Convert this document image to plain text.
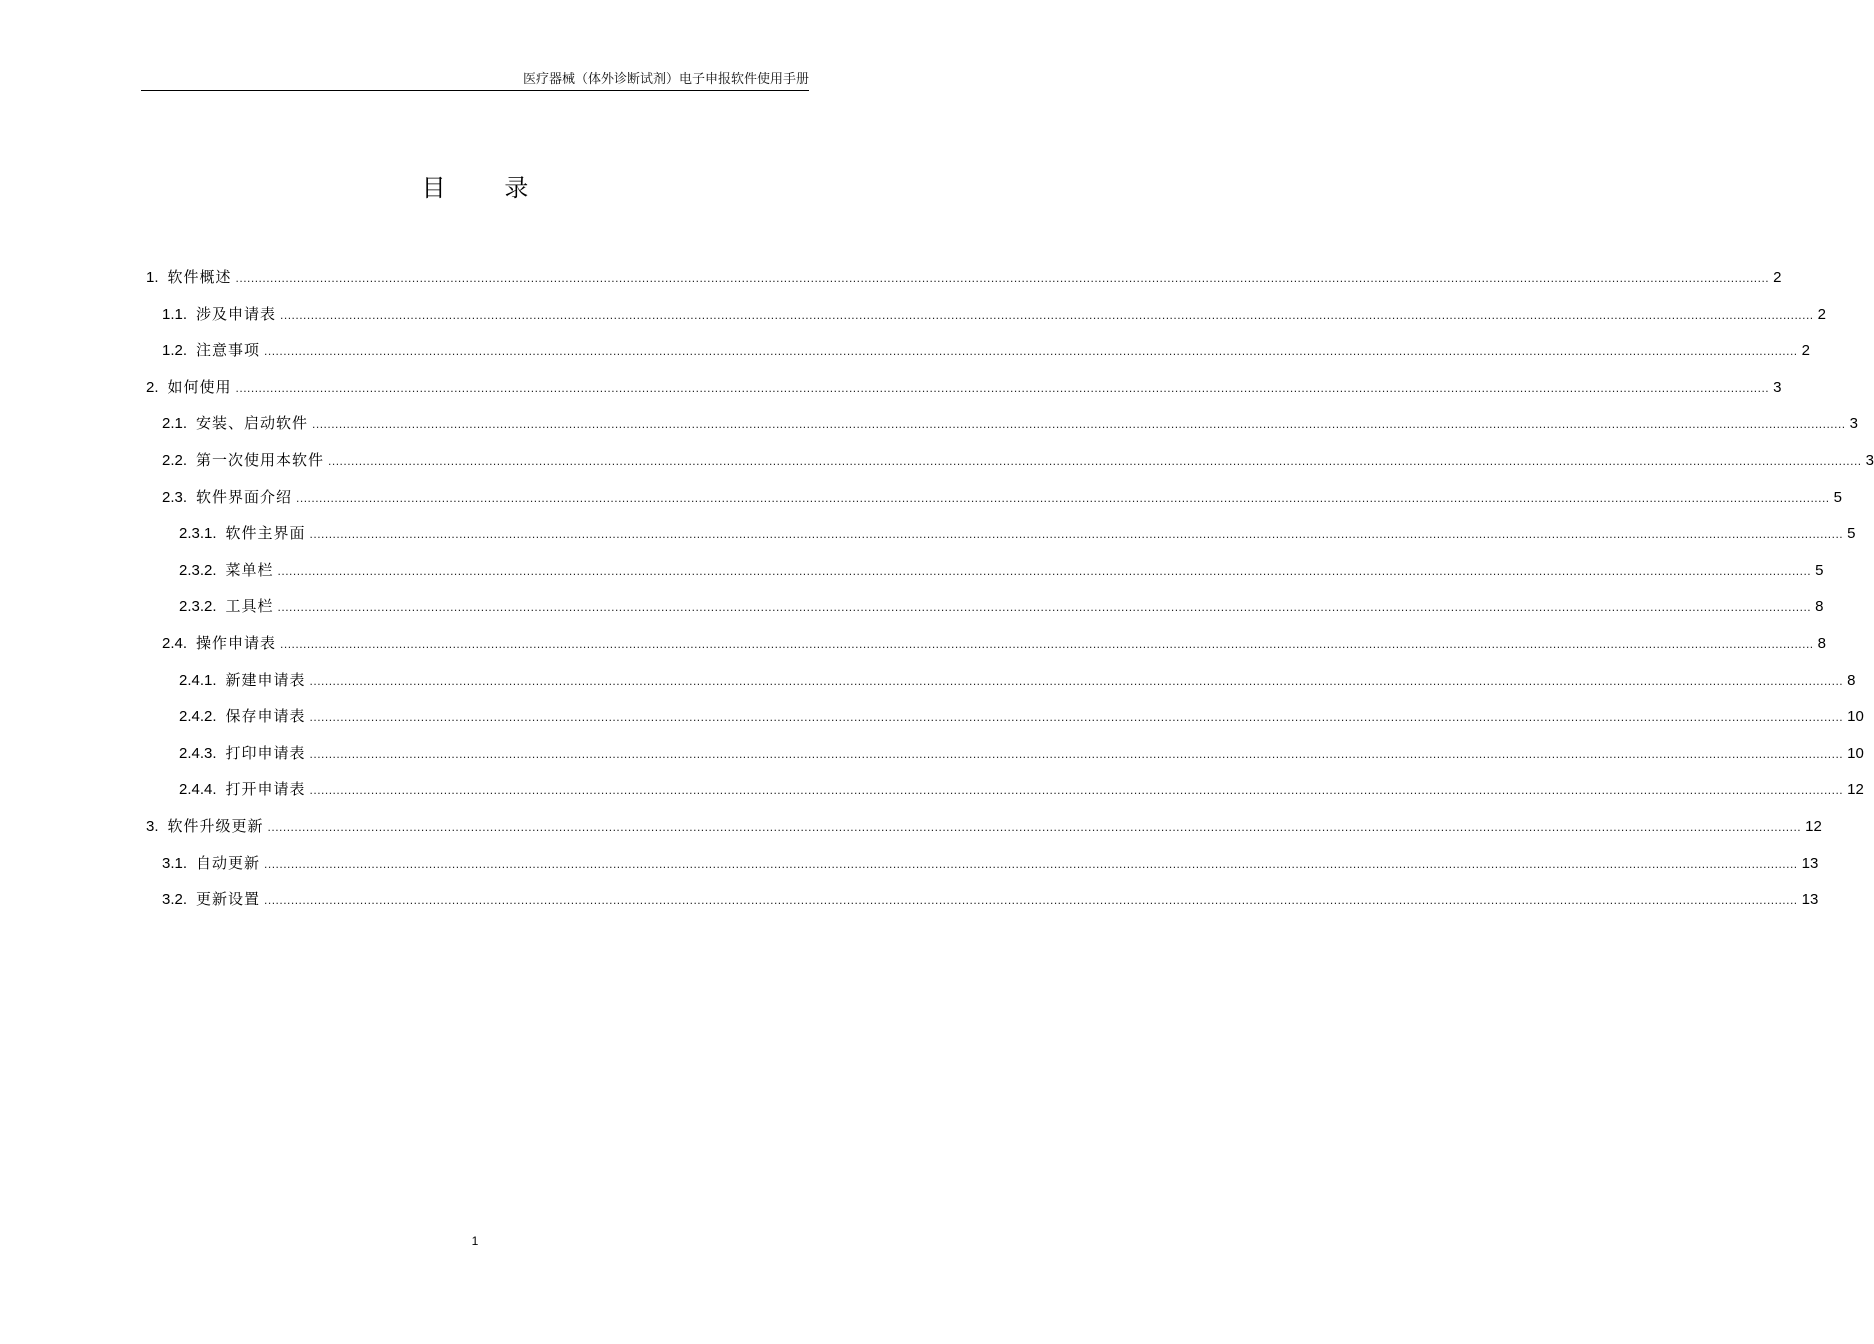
医疗器械（体外诊断试剂）电子申报软件使用手册
目 录
1. 软件概述 ................................................................................................................................................................................................................................................................................................................................................................................................................ 2
1.1. 涉及申请表 ................................................................................................................................................................................................................................................................................................................................................................................................................ 2
1.2. 注意事项 ................................................................................................................................................................................................................................................................................................................................................................................................................ 2
2. 如何使用 ................................................................................................................................................................................................................................................................................................................................................................................................................ 3
2.1. 安装、启动软件 ................................................................................................................................................................................................................................................................................................................................................................................................................ 3
2.2. 第一次使用本软件 ................................................................................................................................................................................................................................................................................................................................................................................................................ 3
2.3. 软件界面介绍 ................................................................................................................................................................................................................................................................................................................................................................................................................ 5
2.3.1. 软件主界面 ................................................................................................................................................................................................................................................................................................................................................................................................................ 5
2.3.2. 菜单栏 ................................................................................................................................................................................................................................................................................................................................................................................................................ 5
2.3.2. 工具栏 ................................................................................................................................................................................................................................................................................................................................................................................................................ 8
2.4. 操作申请表 ................................................................................................................................................................................................................................................................................................................................................................................................................ 8
2.4.1. 新建申请表 ................................................................................................................................................................................................................................................................................................................................................................................................................ 8
2.4.2. 保存申请表 ................................................................................................................................................................................................................................................................................................................................................................................................................ 10
2.4.3. 打印申请表 ................................................................................................................................................................................................................................................................................................................................................................................................................ 10
2.4.4. 打开申请表 ................................................................................................................................................................................................................................................................................................................................................................................................................ 12
3. 软件升级更新 ................................................................................................................................................................................................................................................................................................................................................................................................................ 12
3.1. 自动更新 ................................................................................................................................................................................................................................................................................................................................................................................................................ 13
3.2. 更新设置 ................................................................................................................................................................................................................................................................................................................................................................................................................ 13
1
